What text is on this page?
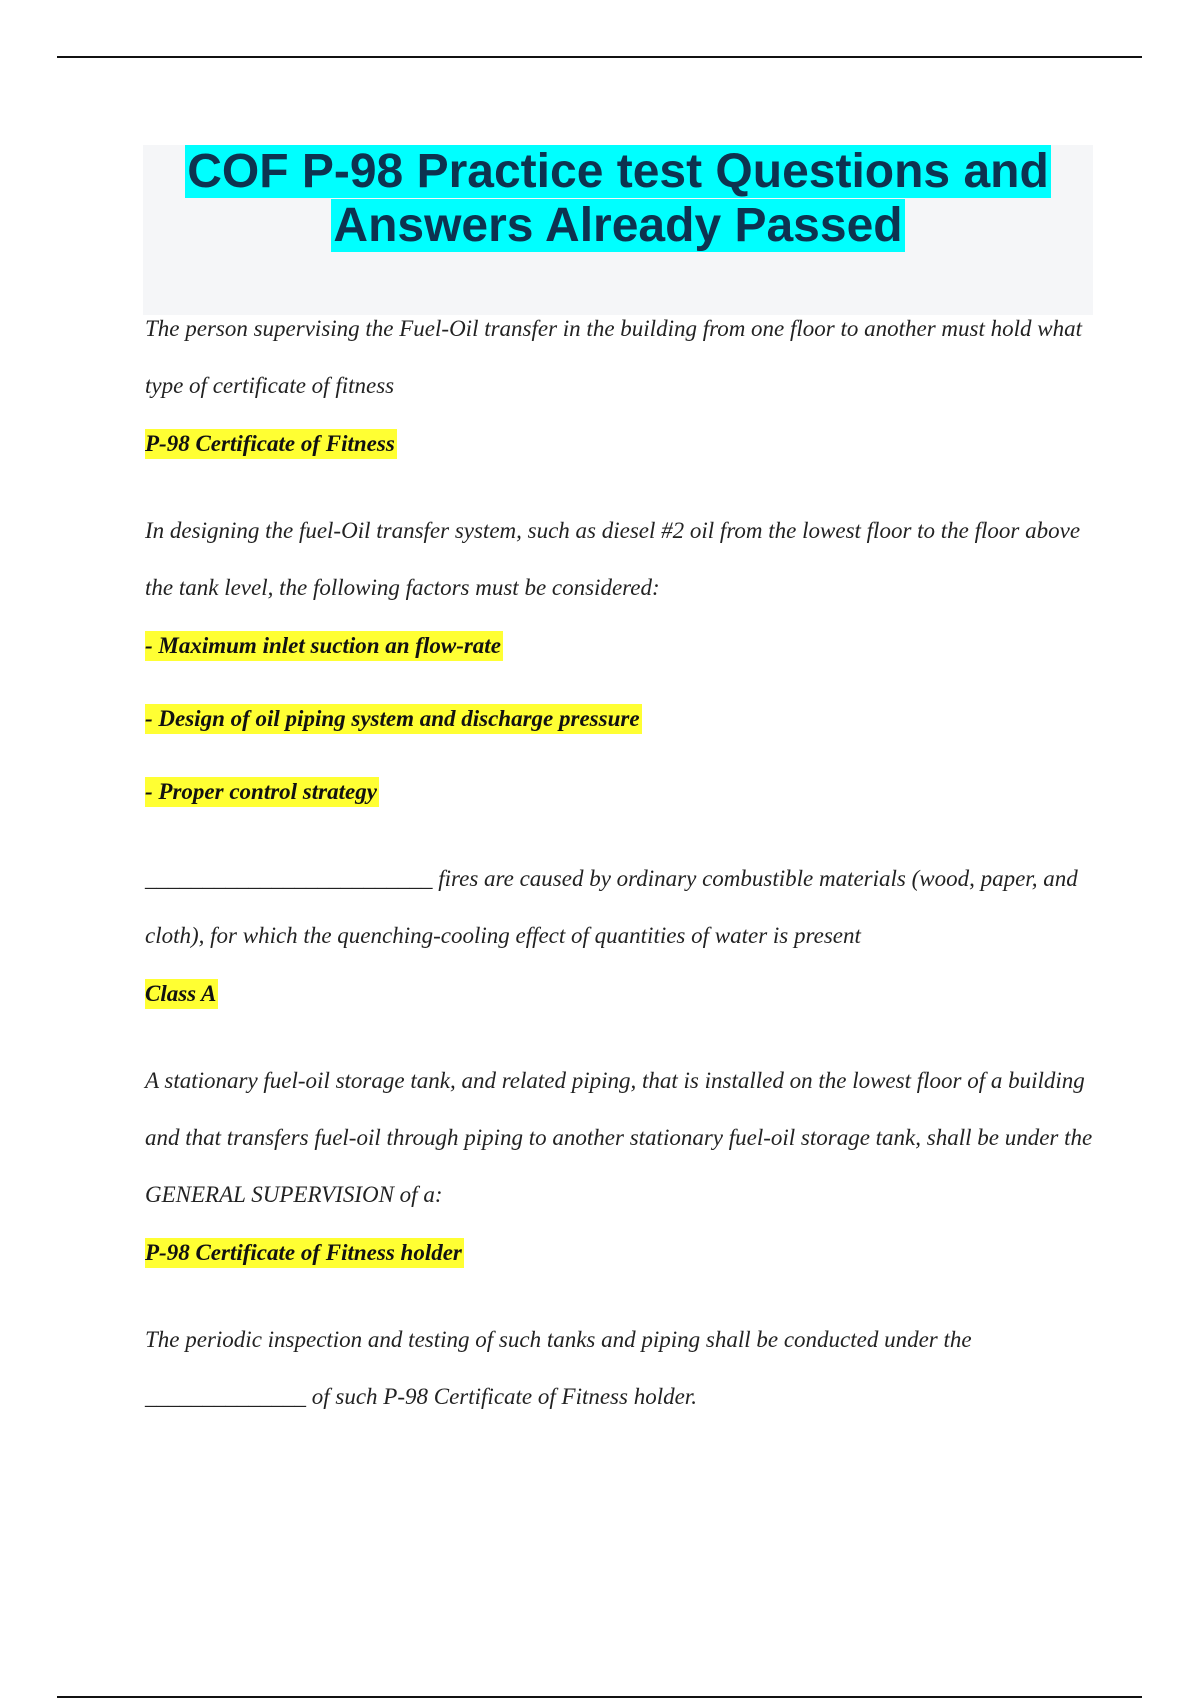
COF P-98 Practice test Questions and
Answers Already Passed

The person supervising the Fuel-Oil transfer in the building from one floor to another must hold what type of certificate of fitness

P-98 Certificate of Fitness

In designing the fuel-Oil transfer system, such as diesel #2 oil from the lowest floor to the floor above the tank level, the following factors must be considered:

- Maximum inlet suction an flow-rate

- Design of oil piping system and discharge pressure

- Proper control strategy

_________________________ fires are caused by ordinary combustible materials (wood, paper, and cloth), for which the quenching-cooling effect of quantities of water is present

Class A

A stationary fuel-oil storage tank, and related piping, that is installed on the lowest floor of a building and that transfers fuel-oil through piping to another stationary fuel-oil storage tank, shall be under the GENERAL SUPERVISION of a:

P-98 Certificate of Fitness holder

The periodic inspection and testing of such tanks and piping shall be conducted under the ______________ of such P-98 Certificate of Fitness holder.
